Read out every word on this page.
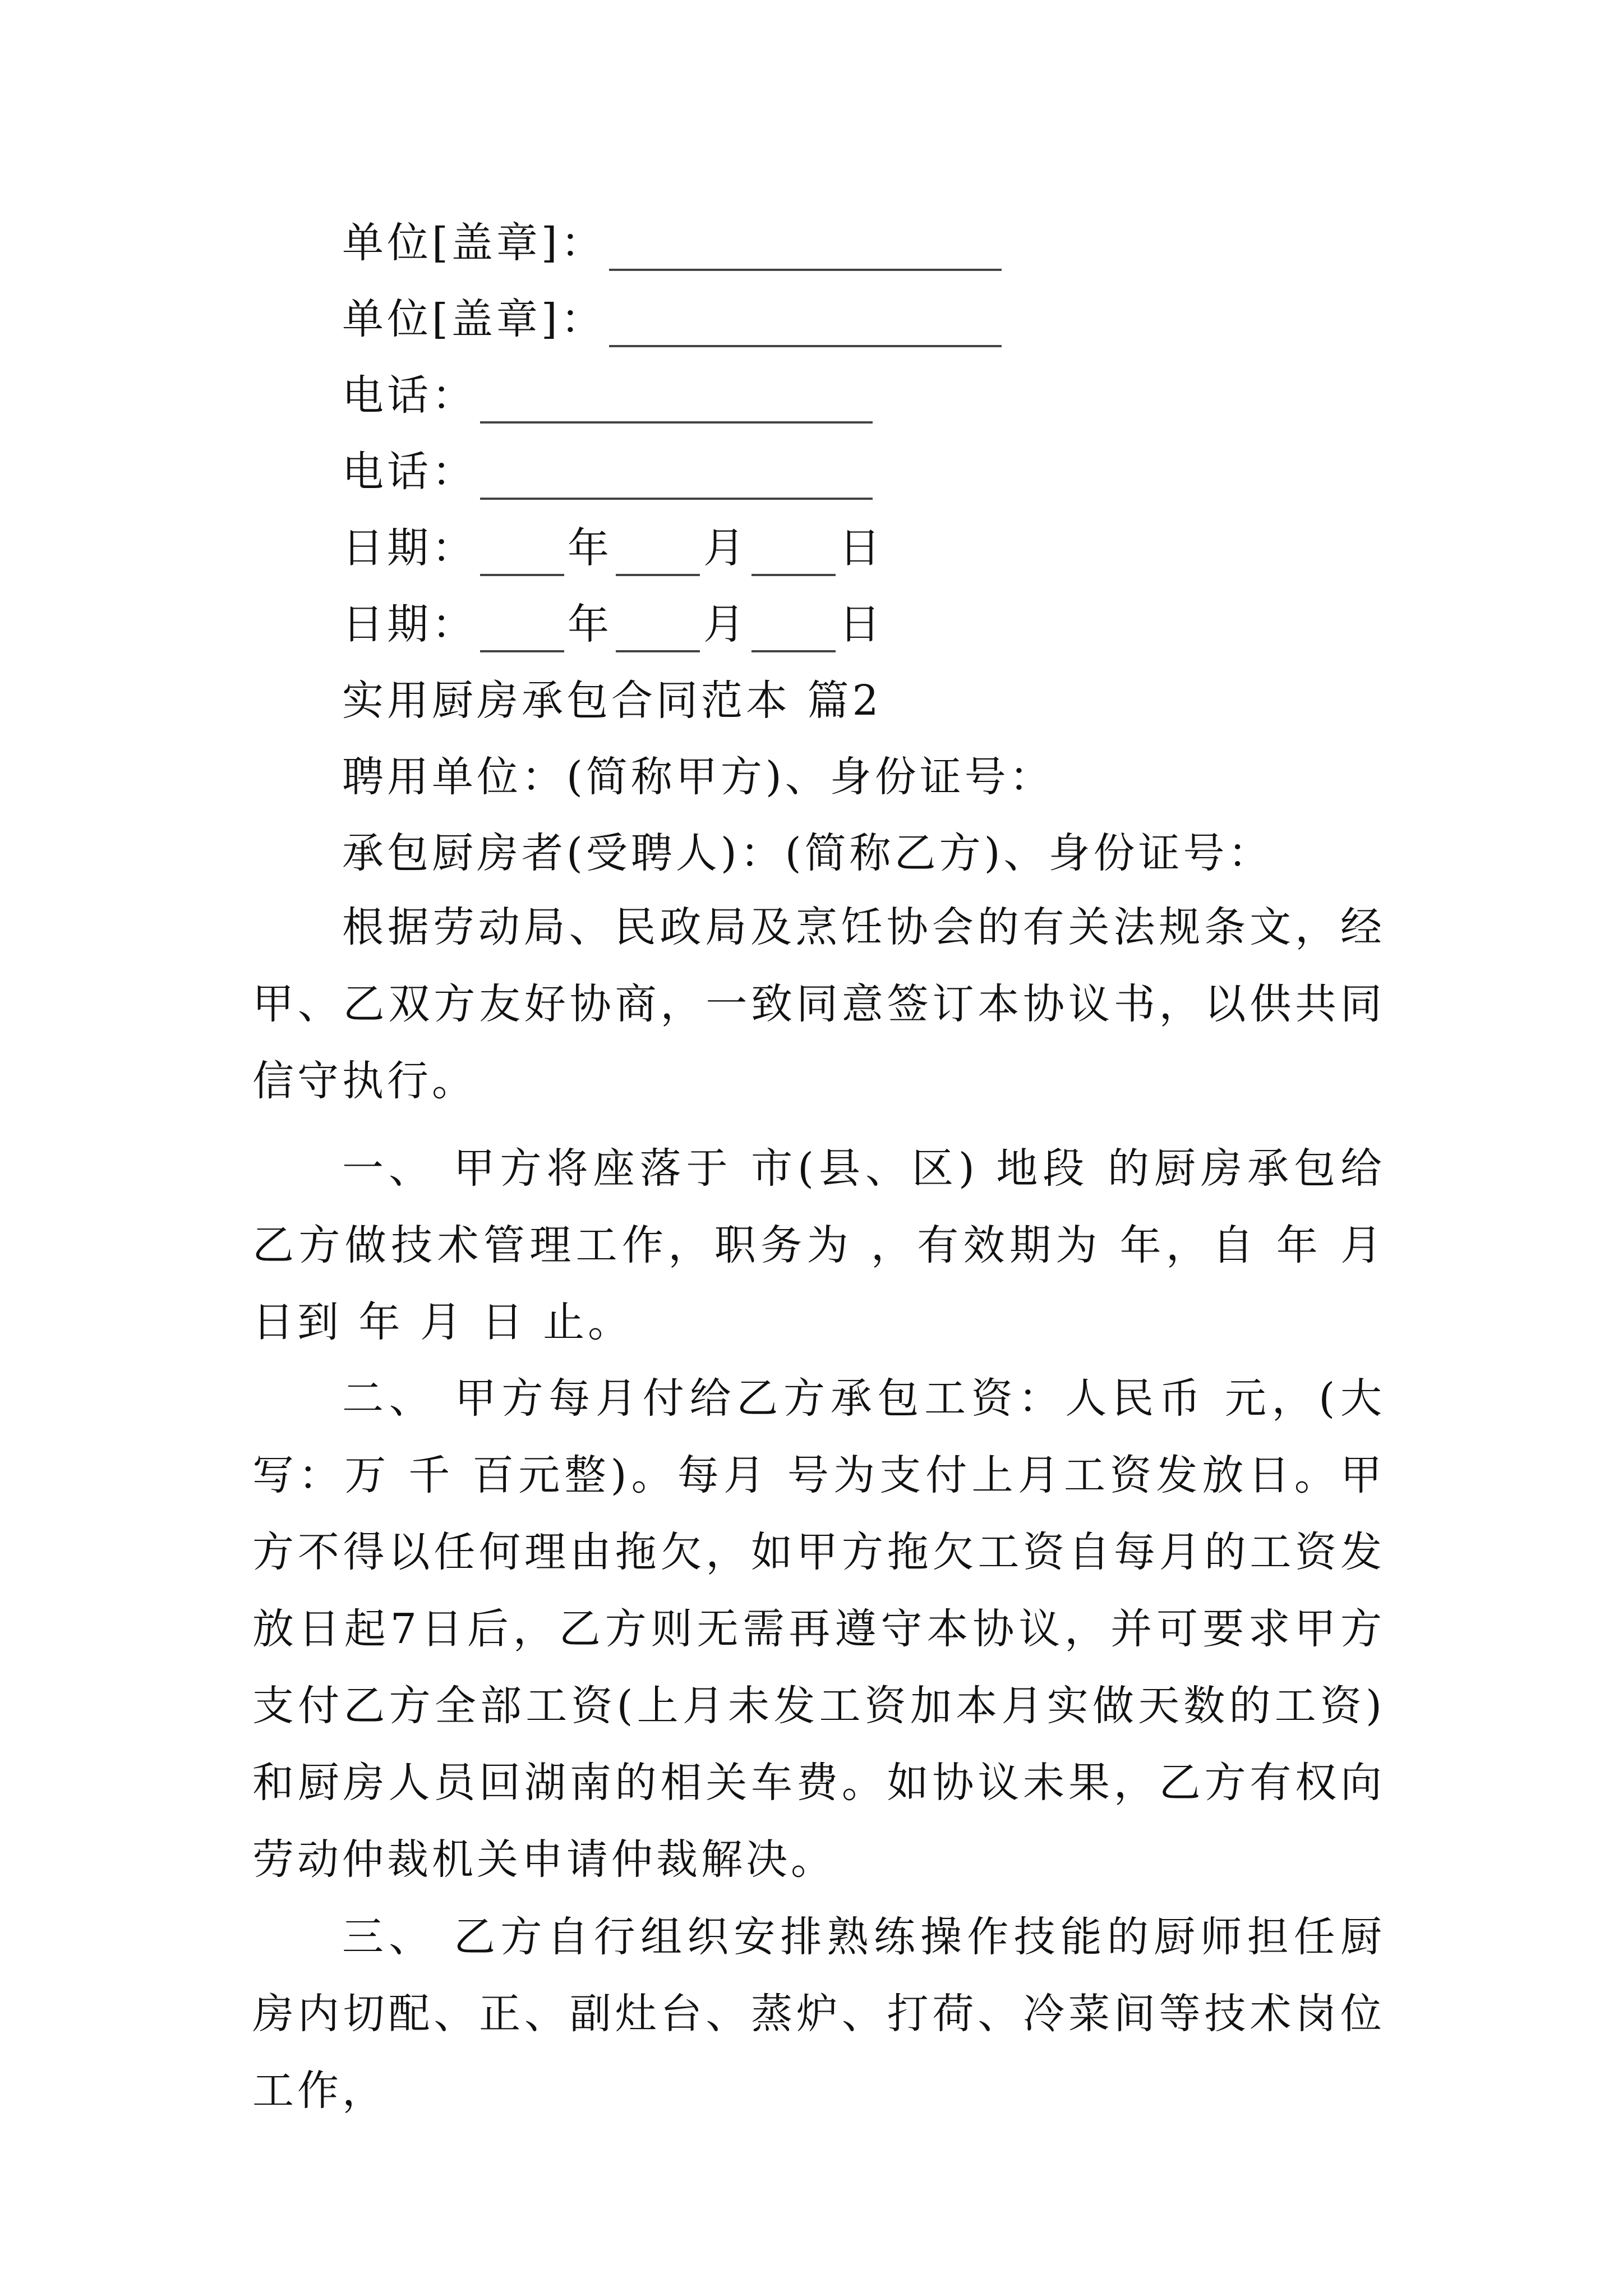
单位[盖章]：
单位[盖章]：
电话：
电话：
日期： 年 月 日
日期： 年 月 日
实用厨房承包合同范本 篇2
聘用单位：(简称甲方)、身份证号：
承包厨房者(受聘人)：(简称乙方)、身份证号：
根据劳动局、民政局及烹饪协会的有关法规条文，经甲、乙双方友好协商，一致同意签订本协议书，以供共同信守执行。
一、 甲方将座落于 市(县、区) 地段 的厨房承包给乙方做技术管理工作，职务为 ，有效期为 年，自 年 月 日到 年 月 日 止。
二、 甲方每月付给乙方承包工资：人民币 元，(大写：万 千 百元整)。每月 号为支付上月工资发放日。甲方不得以任何理由拖欠，如甲方拖欠工资自每月的工资发放日起7日后，乙方则无需再遵守本协议，并可要求甲方支付乙方全部工资(上月未发工资加本月实做天数的工资)和厨房人员回湖南的相关车费。如协议未果，乙方有权向劳动仲裁机关申请仲裁解决。
三、 乙方自行组织安排熟练操作技能的厨师担任厨房内切配、正、副灶台、蒸炉、打荷、冷菜间等技术岗位工作，
